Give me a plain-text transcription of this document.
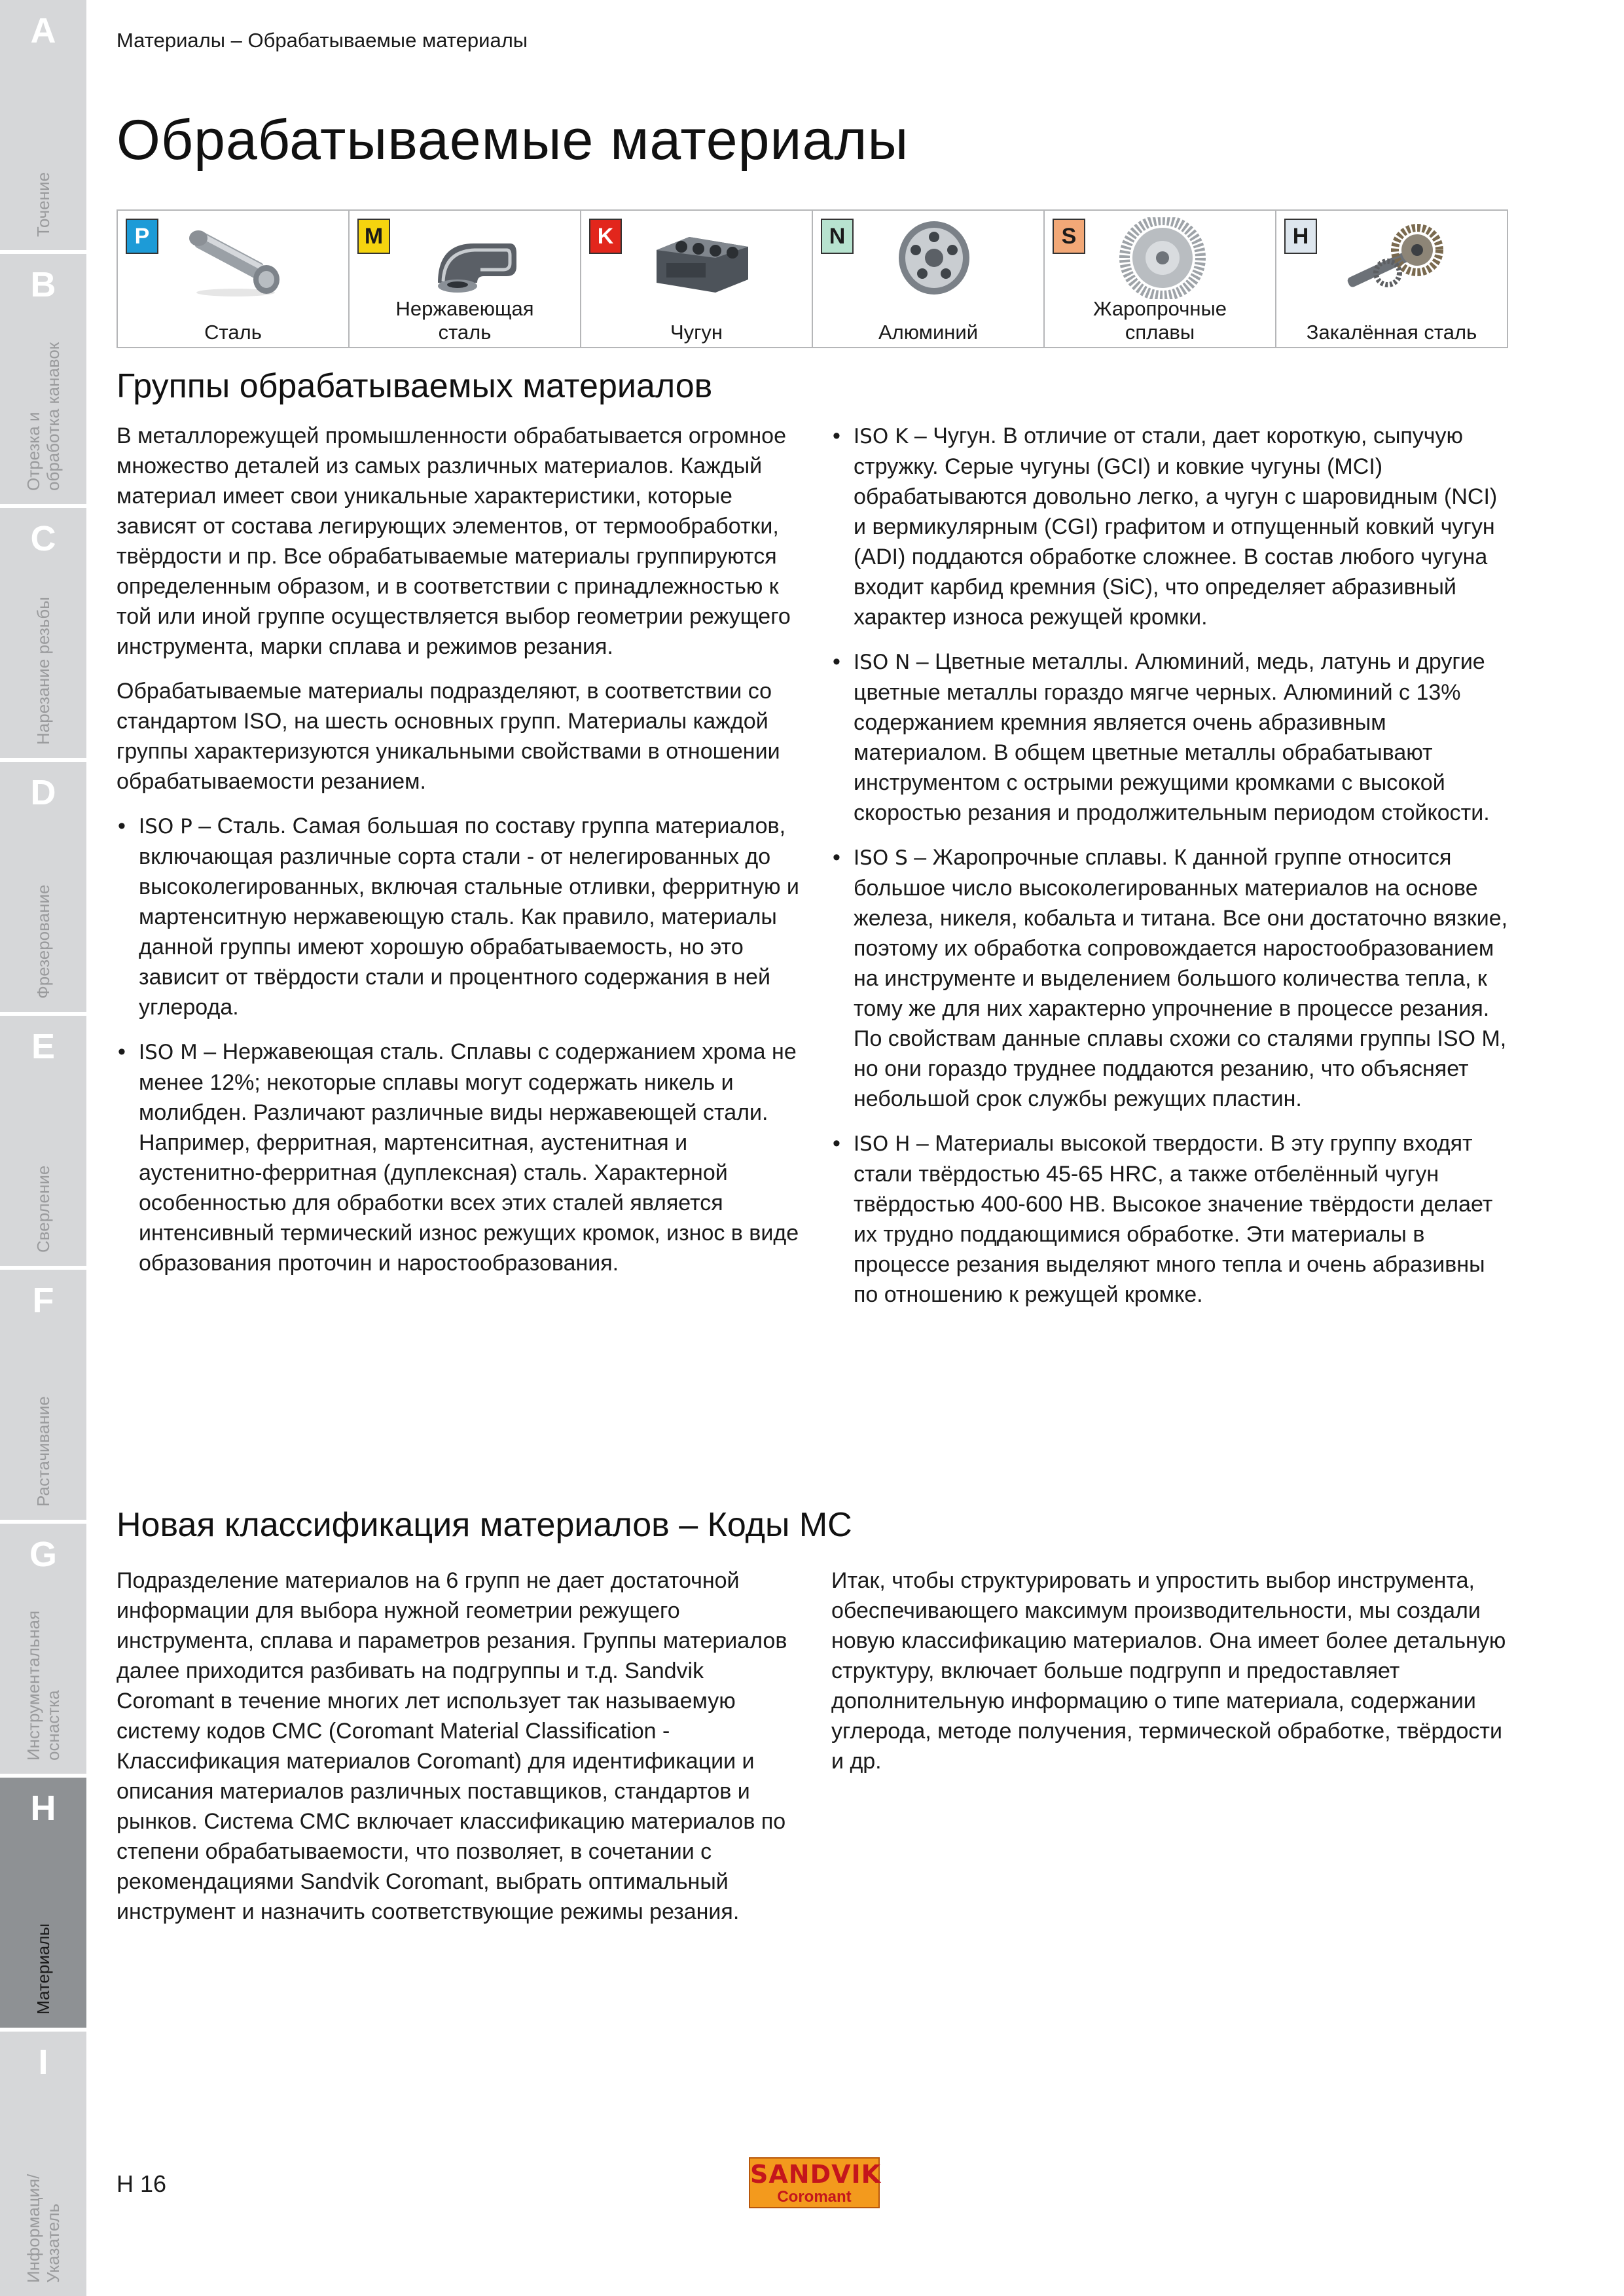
A
Точение
B
Отрезка и
обработка канавок
C
Нарезание резьбы
D
Фрезерование
E
Сверление
F
Растачивание
G
Инструментальная
оснастка
H
Материалы
I
Информация/
Указатель
Материалы – Обрабатываемые материалы
Обрабатываемые материалы
P
Сталь
M
Нержавеющая
сталь
K
Чугун
N
Алюминий
S
Жаропрочные
сплавы
H
Закалённая сталь
Группы обрабатываемых материалов

В металлорежущей промышленности обрабатывается огромное множество деталей из самых различных материалов. Каждый материал имеет свои уникальные характеристики, которые зависят от состава легирующих элементов, от термообработки, твёрдости и пр. Все обрабатываемые материалы группируются определенным образом, и в соответствии с принадлежностью к той или иной группе осуществляется выбор геометрии режущего инструмента, марки сплава и режимов резания.

Обрабатываемые материалы подразделяют, в соответствии со стандартом ISO, на шесть основных групп. Материалы каждой группы характеризуются уникальными свойствами в отношении обрабатываемости резанием.

• ISO P – Сталь. Самая большая по составу группа материалов, включающая различные сорта стали - от нелегированных до высоколегированных, включая стальные отливки, ферритную и мартенситную нержавеющую сталь. Как правило, материалы данной группы имеют хорошую обрабатываемость, но это зависит от твёрдости стали и процентного содержания в ней углерода.
• ISO M – Нержавеющая сталь. Сплавы с содержанием хрома не менее 12%; некоторые сплавы могут содержать никель и молибден. Различают различные виды нержавеющей стали. Например, ферритная, мартенситная, аустенитная и аустенитно-ферритная (дуплексная) сталь. Характерной особенностью для обработки всех этих сталей является интенсивный термический износ режущих кромок, износ в виде образования проточин и наростообразования.
• ISO K – Чугун. В отличие от стали, дает короткую, сыпучую стружку. Серые чугуны (GCI) и ковкие чугуны (MCI) обрабатываются довольно легко, а чугун с шаровидным (NCI) и вермикулярным (CGI) графитом и отпущенный ковкий чугун (ADI) поддаются обработке сложнее. В состав любого чугуна входит карбид кремния (SiC), что определяет абразивный характер износа режущей кромки.
• ISO N – Цветные металлы. Алюминий, медь, латунь и другие цветные металлы гораздо мягче черных. Алюминий с 13% содержанием кремния является очень абразивным материалом. В общем цветные металлы обрабатывают инструментом с острыми режущими кромками с высокой скоростью резания и продолжительным периодом стойкости.
• ISO S – Жаропрочные сплавы. К данной группе относится большое число высоколегированных материалов на основе железа, никеля, кобальта и титана. Все они достаточно вязкие, поэтому их обработка сопровождается наростообразованием на инструменте и выделением большого количества тепла, к тому же для них характерно упрочнение в процессе резания. По свойствам данные сплавы схожи со сталями группы ISO M, но они гораздо труднее поддаются резанию, что объясняет небольшой срок службы режущих пластин.
• ISO H – Материалы высокой твердости. В эту группу входят стали твёрдостью 45-65 HRC, а также отбелённый чугун твёрдостью 400-600 HB. Высокое значение твёрдости делает их трудно поддающимися обработке. Эти материалы в процессе резания выделяют много тепла и очень абразивны по отношению к режущей кромке.
Новая классификация материалов – Коды MC

Подразделение материалов на 6 групп не дает достаточной информации для выбора нужной геометрии режущего инструмента, сплава и параметров резания. Группы материалов далее приходится разбивать на подгруппы и т.д. Sandvik Coromant в течение многих лет использует так называемую систему кодов CMC (Coromant Material Classification - Классификация материалов Coromant) для идентификации и описания материалов различных поставщиков, стандартов и рынков. Система CMC включает классификацию материалов по степени обрабатываемости, что позволяет, в сочетании с рекомендациями Sandvik Coromant, выбрать оптимальный инструмент и назначить соответствующие режимы резания.

Итак, чтобы структурировать и упростить выбор инструмента, обеспечивающего максимум производительности, мы создали новую классификацию материалов. Она имеет более детальную структуру, включает больше подгрупп и предоставляет дополнительную информацию о типе материала, содержании углерода, методе получения, термической обработке, твёрдости и др.

H 16	SANDVIK
Coromant
